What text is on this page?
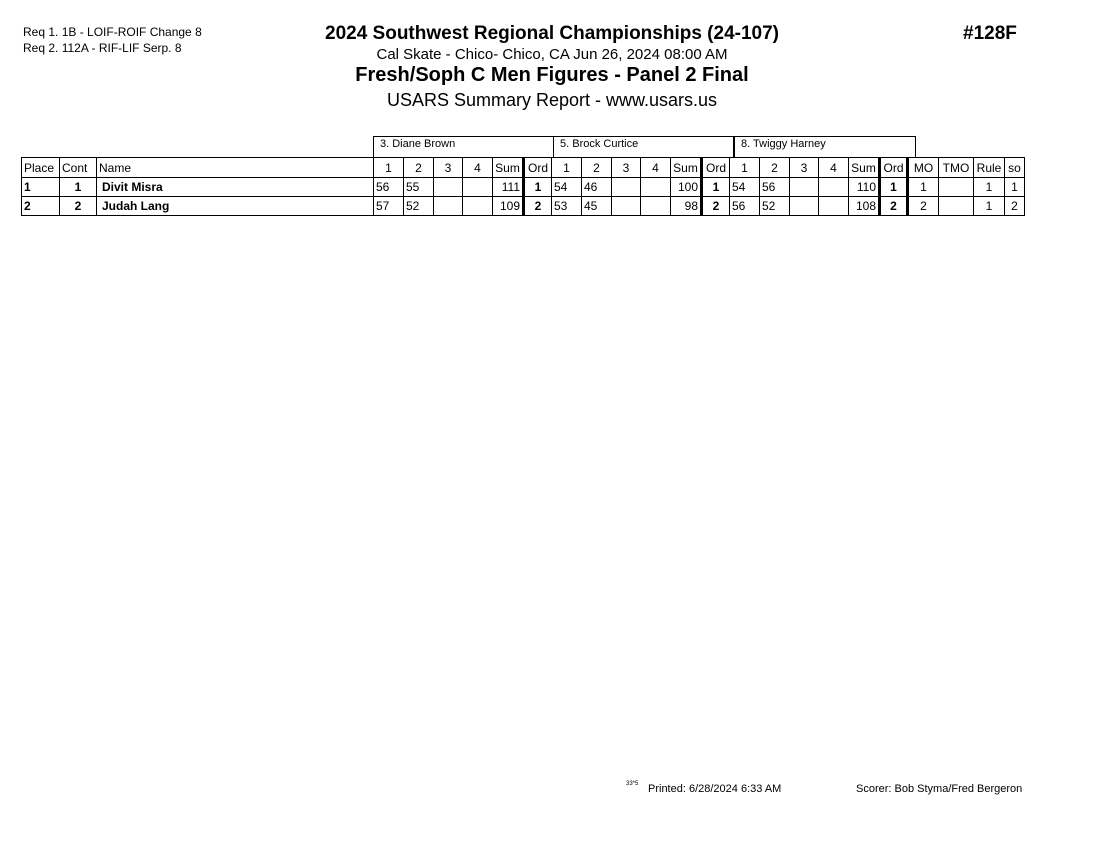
Req 1. 1B - LOIF-ROIF Change 8
Req 2. 112A - RIF-LIF Serp. 8
2024 Southwest Regional Championships (24-107)
Cal Skate - Chico- Chico, CA Jun 26, 2024 08:00 AM
Fresh/Soph C Men Figures - Panel 2 Final
USARS Summary Report - www.usars.us
#128F
3. Diane Brown	5. Brock Curtice	8. Twiggy Harney
Place	Cont	Name	1	2	3	4	Sum	Ord	1	2	3	4	Sum	Ord	1	2	3	4	Sum	Ord	MO	TMO	Rule	so
1	1	Divit Misra	56	55			111	1	54	46			100	1	54	56			110	1	1		1	1
2	2	Judah Lang	57	52			109	2	53	45			98	2	56	52			108	2	2		1	2
33*5 Printed: 6/28/2024 6:33 AM	Scorer: Bob Styma/Fred Bergeron
